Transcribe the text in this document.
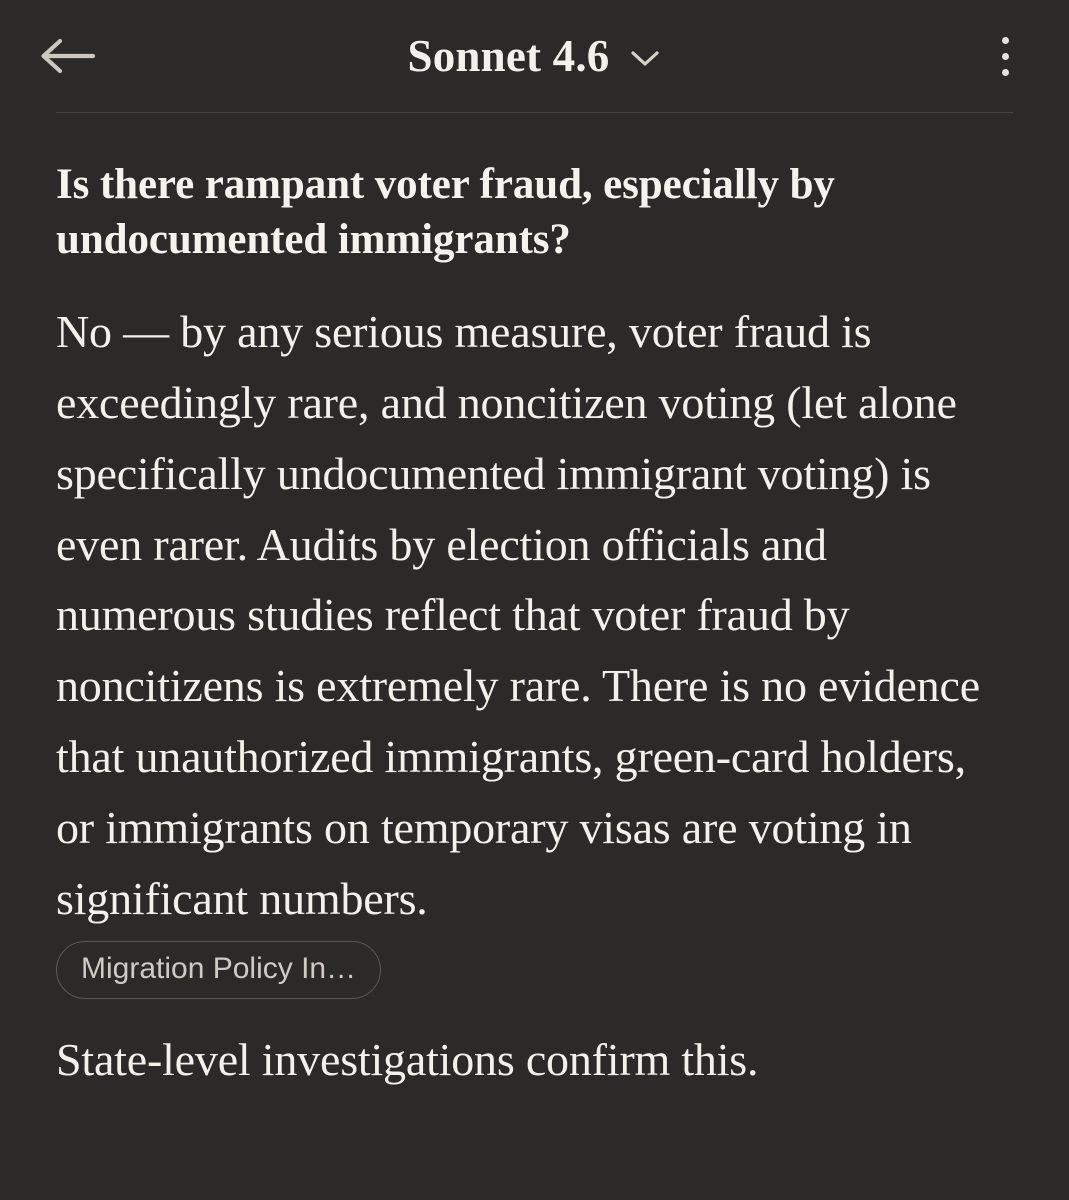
Sonnet 4.6
Is there rampant voter fraud, especially by undocumented immigrants?

No — by any serious measure, voter fraud is exceedingly rare, and noncitizen voting (let alone specifically undocumented immigrant voting) is even rarer. Audits by election officials and numerous studies reflect that voter fraud by noncitizens is extremely rare. There is no evidence that unauthorized immigrants, green-card holders, or immigrants on temporary visas are voting in significant numbers.

Migration Policy In…

State-level investigations confirm this.
